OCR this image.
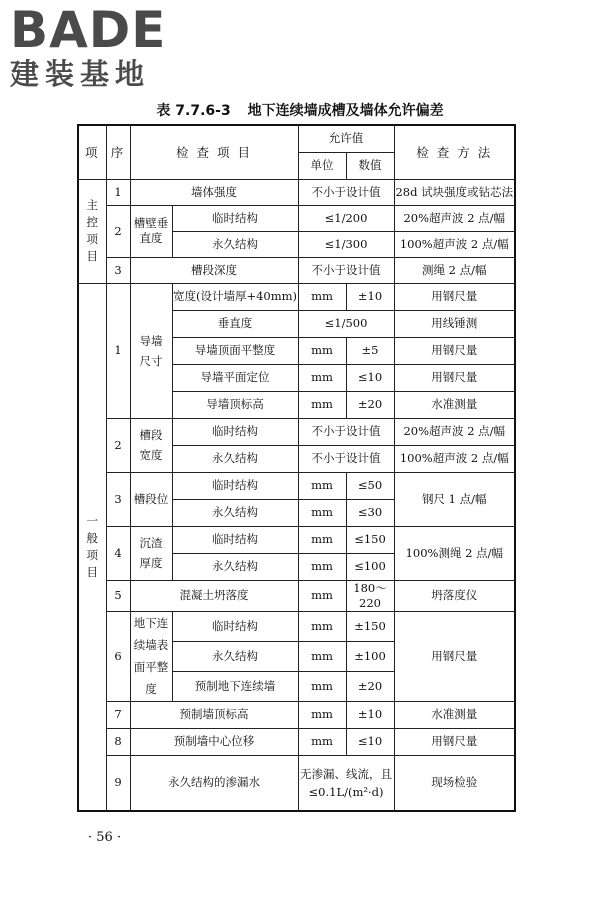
BADE
建装基地
表 7.7.6-3 地下连续墙成槽及墙体允许偏差
项	序	检 查 项 目		允许值		检 查 方 法
				单位	数值	

主控项目	1	墙体强度		不小于设计值		28d 试块强度或钻芯法
	2	槽壁垂直度	临时结构	≤1/200		20%超声波 2 点/幅
			永久结构	≤1/300		100%超声波 2 点/幅
	3	槽段深度		不小于设计值		测绳 2 点/幅

一般项目	1	导墙尺寸	宽度(设计墙厚+40mm)	mm	±10	用钢尺量
			垂直度	≤1/500		用线锤测
			导墙顶面平整度	mm	±5	用钢尺量
			导墙平面定位	mm	≤10	用钢尺量
			导墙顶标高	mm	±20	水准测量
	2	槽段宽度	临时结构	不小于设计值		20%超声波 2 点/幅
			永久结构	不小于设计值		100%超声波 2 点/幅
	3	槽段位	临时结构	mm	≤50	钢尺 1 点/幅
			永久结构	mm	≤30	
	4	沉渣厚度	临时结构	mm	≤150	100%测绳 2 点/幅
			永久结构	mm	≤100	
	5	混凝土坍落度		mm	180～220	坍落度仪
	6	地下连续墙表面平整度	临时结构	mm	±150	用钢尺量
			永久结构	mm	±100	
			预制地下连续墙	mm	±20	
	7	预制墙顶标高		mm	±10	水准测量
	8	预制墙中心位移		mm	≤10	用钢尺量
	9	永久结构的渗漏水		无渗漏、线流，且
≤0.1L/(m²·d)		现场检验
· 56 ·
